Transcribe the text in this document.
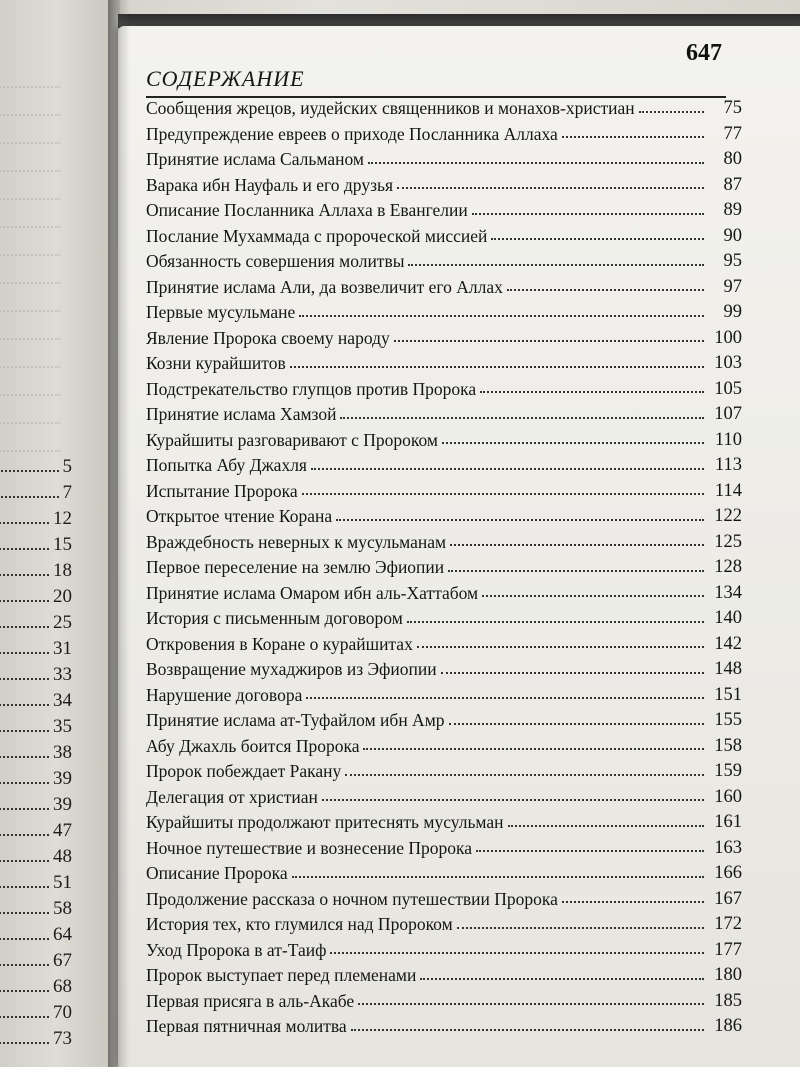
5
7
12
15
18
20
25
31
33
34
35
38
39
39
47
48
51
58
64
67
68
70
73
647
СОДЕРЖАНИЕ
Сообщения жрецов, иудейских священников и монахов-христиан	75
Предупреждение евреев о приходе Посланника Аллаха	77
Принятие ислама Сальманом	80
Варака ибн Науфаль и его друзья	87
Описание Посланника Аллаха в Евангелии	89
Послание Мухаммада с пророческой миссией	90
Обязанность совершения молитвы	95
Принятие ислама Али, да возвеличит его Аллах	97
Первые мусульмане	99
Явление Пророка своему народу	100
Козни курайшитов	103
Подстрекательство глупцов против Пророка	105
Принятие ислама Хамзой	107
Курайшиты разговаривают с Пророком	110
Попытка Абу Джахля	113
Испытание Пророка	114
Открытое чтение Корана	122
Враждебность неверных к мусульманам	125
Первое переселение на землю Эфиопии	128
Принятие ислама Омаром ибн аль-Хаттабом	134
История с письменным договором	140
Откровения в Коране о курайшитах	142
Возвращение мухаджиров из Эфиопии	148
Нарушение договора	151
Принятие ислама ат-Туфайлом ибн Амр	155
Абу Джахль боится Пророка	158
Пророк побеждает Ракану	159
Делегация от христиан	160
Курайшиты продолжают притеснять мусульман	161
Ночное путешествие и вознесение Пророка	163
Описание Пророка	166
Продолжение рассказа о ночном путешествии Пророка	167
История тех, кто глумился над Пророком	172
Уход Пророка в ат-Таиф	177
Пророк выступает перед племенами	180
Первая присяга в аль-Акабе	185
Первая пятничная молитва	186
